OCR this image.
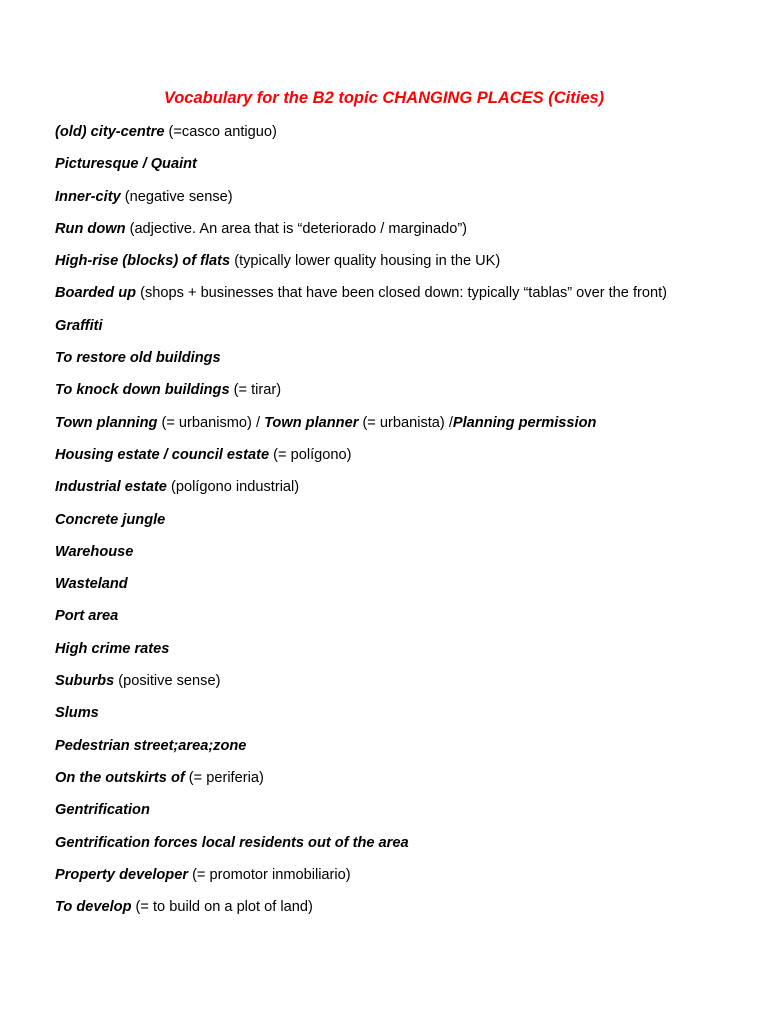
Vocabulary for the B2 topic CHANGING PLACES (Cities)
(old) city-centre (=casco antiguo)
Picturesque / Quaint
Inner-city (negative sense)
Run down (adjective. An area that is “deteriorado / marginado”)
High-rise (blocks) of flats (typically lower quality housing in the UK)
Boarded up (shops + businesses that have been closed down: typically “tablas” over the front)
Graffiti
To restore old buildings
To knock down buildings (= tirar)
Town planning (= urbanismo) / Town planner (= urbanista) /Planning permission
Housing estate / council estate (= polígono)
Industrial estate (polígono industrial)
Concrete jungle
Warehouse
Wasteland
Port area
High crime rates
Suburbs (positive sense)
Slums
Pedestrian street;area;zone
On the outskirts of (= periferia)
Gentrification
Gentrification forces local residents out of the area
Property developer (= promotor inmobiliario)
To develop (= to build on a plot of land)
